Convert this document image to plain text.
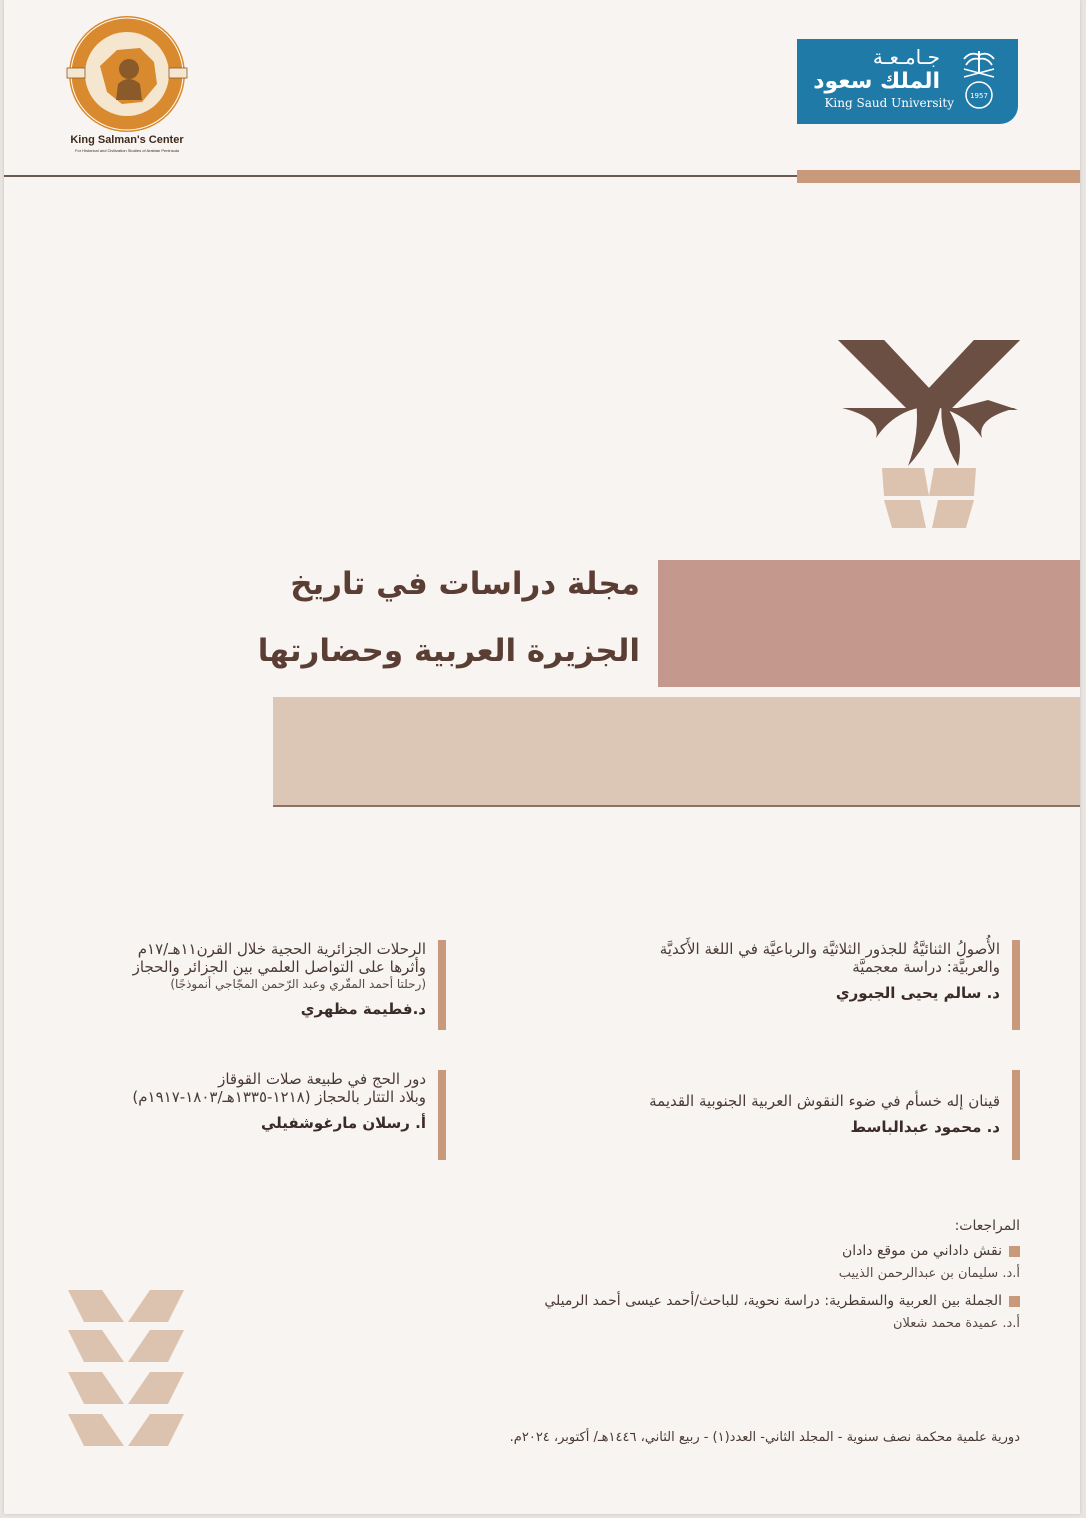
King Salman's Center
For Historical and Civilization Studies of Arabian Peninsula
جـامـعـة
الملك سعود
King Saud University 1957
مجلة دراسات في تاريخ
الجزيرة العربية وحضارتها
الأُصولُ الثنائيَّةُ للجذور الثلاثيَّة والرباعيَّة في اللغة الأَكديَّة
والعربيَّة: دراسة معجميَّة
د. سالم يحيى الجبوري
الرحلات الجزائرية الحجية خلال القرن١١هـ/١٧م
وأثرها على التواصل العلمي بين الجزائر والحجاز
(رحلتا أحمد المقّري وعبد الرّحمن المجّاجي أنموذجًا)
د.فطيمة مظهري
قينان إله خسأم في ضوء النقوش العربية الجنوبية القديمة
د. محمود عبدالباسط
دور الحج في طبيعة صلات القوقاز
وبلاد التتار بالحجاز (١٢١٨-١٣٣٥هـ/١٨٠٣-١٩١٧م)
أ. رسلان مارغوشفيلي
المراجعات:
نقش داداني من موقع دادان
أ.د. سليمان بن عبدالرحمن الذييب
الجملة بين العربية والسقطرية: دراسة نحوية، للباحث/أحمد عيسى أحمد الرميلي
أ.د. عميدة محمد شعلان
دورية علمية محكمة نصف سنوية - المجلد الثاني- العدد(١) - ربيع الثاني، ١٤٤٦هـ/ أكتوبر، ٢٠٢٤م.
